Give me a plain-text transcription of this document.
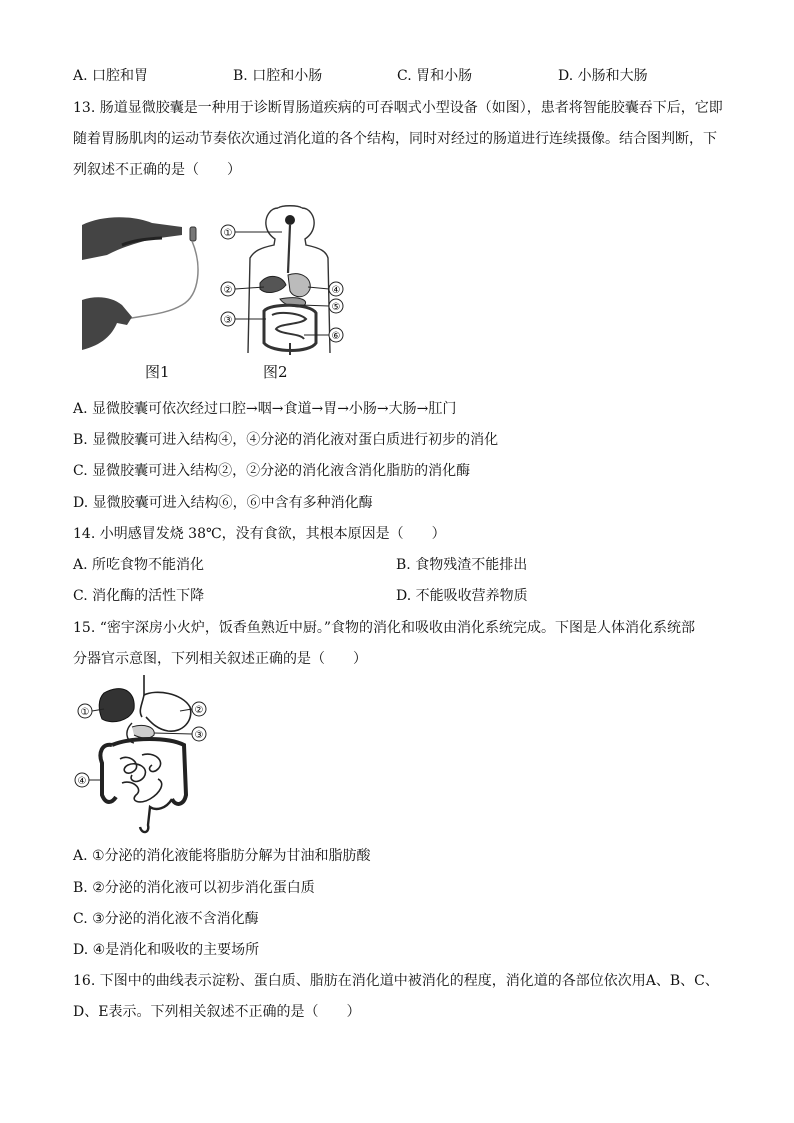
A. 口腔和胃	B. 口腔和小肠	C. 胃和小肠	D. 小肠和大肠
13. 肠道显微胶囊是一种用于诊断胃肠道疾病的可吞咽式小型设备（如图），患者将智能胶囊吞下后，它即
随着胃肠肌肉的运动节奏依次通过消化道的各个结构，同时对经过的肠道进行连续摄像。结合图判断，下
列叙述不正确的是（　　）
①
②
③
④
⑤
⑥
图1	图2
A. 显微胶囊可依次经过口腔→咽→食道→胃→小肠→大肠→肛门
B. 显微胶囊可进入结构④，④分泌的消化液对蛋白质进行初步的消化
C. 显微胶囊可进入结构②，②分泌的消化液含消化脂肪的消化酶
D. 显微胶囊可进入结构⑥，⑥中含有多种消化酶
14. 小明感冒发烧 38℃，没有食欲，其根本原因是（　　）
A. 所吃食物不能消化	B. 食物残渣不能排出
C. 消化酶的活性下降	D. 不能吸收营养物质
15. “密宇深房小火炉，饭香鱼熟近中厨。”食物的消化和吸收由消化系统完成。下图是人体消化系统部
分器官示意图，下列相关叙述正确的是（　　）
①	②
③
④
A. ①分泌的消化液能将脂肪分解为甘油和脂肪酸
B. ②分泌的消化液可以初步消化蛋白质
C. ③分泌的消化液不含消化酶
D. ④是消化和吸收的主要场所
16. 下图中的曲线表示淀粉、蛋白质、脂肪在消化道中被消化的程度，消化道的各部位依次用A、B、C、
D、E表示。下列相关叙述不正确的是（　　）
